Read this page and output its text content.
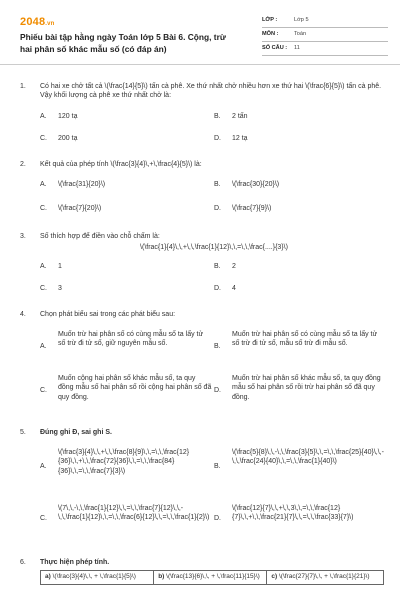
2048.vn
Phiếu bài tập hằng ngày Toán lớp 5 Bài 6. Cộng, trừ hai phân số khác mẫu số (có đáp án)
LỚP :	Lớp 5
MÔN :	Toán
SỐ CÂU :	11
1.	Có hai xe chở tất cả \(\frac{14}{5}\) tấn cà phê. Xe thứ nhất chở nhiều hơn xe thứ hai \(\frac{6}{5}\) tấn cà phê. Vậy khối lượng cà phê xe thứ nhất chở là:
A. 120 tạ	B. 2 tấn
C. 200 tạ	D. 12 tạ
2.	Kết quả của phép tính \(\frac{3}{4}\,+\,\frac{4}{5}\) là:
A. \(\frac{31}{20}\)	B. \(\frac{30}{20}\)
C. \(\frac{7}{20}\)	D. \(\frac{7}{9}\)
3.	Số thích hợp để điền vào chỗ chấm là:
\(\frac{1}{4}\,\,+\,\,\frac{1}{12}\,\,=\,\,\frac{....}{3}\)
A. 1	B. 2
C. 3	D. 4
4.	Chọn phát biểu sai trong các phát biểu sau:
A.
Muốn trừ hai phân số có cùng mẫu số ta lấy tử số trừ đi tử số, giữ nguyên mẫu số.	B.
Muốn trừ hai phân số có cùng mẫu số ta lấy tử số trừ đi tử số, mẫu số trừ đi mẫu số.
C.
Muốn cộng hai phân số khác mẫu số, ta quy đồng mẫu số hai phân số rồi cộng hai phân số đã quy đồng.
D.
Muốn trừ hai phân số khác mẫu số, ta quy đồng mẫu số hai phân số rồi trừ hai phân số đã quy đồng.
5.	Đúng ghi Đ, sai ghi S.
A.
\(\frac{3}{4}\,\,+\,\,\frac{8}{9}\,\,=\,\,\frac{12}{36}\,\,+\,\,\frac{72}{36}\,\,=\,\,\frac{84}{36}\,\,=\,\,\frac{7}{3}\)
B.
\(\frac{5}{8}\,\,-\,\,\frac{3}{5}\,\,=\,\,\frac{25}{40}\,\,-\,\,\frac{24}{40}\,\,=\,\,\frac{1}{40}\)
C.
\(7\,\,-\,\,\frac{1}{12}\,\,=\,\,\frac{7}{12}\,\,-\,\,\frac{1}{12}\,\,=\,\,\frac{6}{12}\,\,=\,\,\frac{1}{2}\) D.
\(\frac{12}{7}\,\,+\,\,3\,\,=\,\,\frac{12}{7}\,\,+\,\,\frac{21}{7}\,\,=\,\,\frac{33}{7}\)
6.	Thực hiện phép tính.
a) \(\frac{3}{4}\,\, + \,\frac{1}{5}\)	b) \(\frac{13}{6}\,\, + \,\frac{11}{15}\)	c) \(\frac{27}{7}\,\, + \,\frac{1}{21}\)
